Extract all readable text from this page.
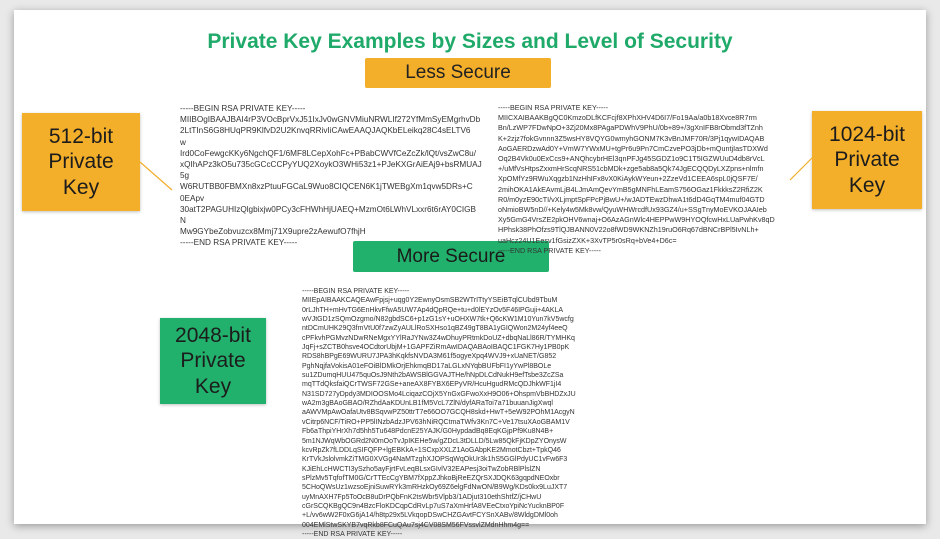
Private Key Examples by Sizes and Level of Security
Less Secure
More Secure
512-bit
Private
Key
1024-bit
Private
Key
2048-bit
Private
Key
-----BEGIN RSA PRIVATE KEY-----
MIIBOgIBAAJBAI4rP3VOcBprVxJ51IxJv0wGNVMiuNRWLIf272YfMmSyEMgrhvDb
2LtTInS6G8HUqPR9KlfvD2U2KnvqRRivIiCAwEAAQJAQKbELeikq28C4sELTV6
w
Ird0CoFewgcKKy6NgchQF1/6MF8LCepXohFc+PBabCWVfCeZcZk/lQt/vsZwC8u/
xQIhAPz3kO5u735cGCcCCPyYUQ2XoykO3WHi53z1+PJeKXGrAiEAj9+bsRMUAJ
5g
W6RUTBB0FBMXn8xzPtuuFGCaL9Wuo8CIQCEN6K1jTWEBgXm1qvw5DRs+C
0EApv
30atT2PAGUHIzQlgbixjw0PCy3cFHWhHjUAEQ+MzmOt6LWhVLxxr6t6rAY0CIGB
N
Mw9GYbeZobvuzcx8Mmj71X9upre2zAewufO7fhjH
-----END RSA PRIVATE KEY-----
-----BEGIN RSA PRIVATE KEY-----
MIICXAIBAAKBgQC0KmzoDLfKCFcjf8XPhXHV4D6I7/Fo19Aa/a0b18Xvce8R7rm
Bn/LzWP7FDwNpO+3Zj20Mx8PAgaPDWhV9PhU/0b+89+/3gXnIFB8rObmd3fTZnh
K+2zjz7fokGvnnn3Z5wsHY8VQYG0wmyhGONM7K3vBnJMF70R/3Pj1qywIDAQAB
AoGAERDzwAd0Y+VmW7YWxMU+tgPr6u9Pn7CmCzvePO3jDb+mQuntjIasTDXWd
Oq2B4Vk0u0ExCcs9+ANQhcybrHEl3qnPFJg45SGDZ1o9C1T5IGZWUuD4db8rVcL
+/uMfVsHtpsZxxmHrScqNRS51cbMDk+zge5ab8a5Qk74JgECQQDyLXZpns+nlmfn
XpOMfYz9RWuXqgzb1NzHhIFx8vX0KiAykWYeun+2ZzeVd1CEEA6spL0jQSF7E/
2mihOKA1AkEAvmLjB4LJmAmQevYmB5gMNFhLEamS756OGaz1FkkksZ2RfiZ2K
R0/m0yzE90cTI/vXLjmptSpFPcPjBwU+/wJADTEwzDhwA1t6dD4GqTM4muf04GTD
oNmioBW5nD//+Kely4w5Mk8vw/QyuWHWrcdfUx93GZ4/u+SSgTnyMoEVKOJAAIeb
Xy5GmG4VrsZE2pkOHV6wnaj+O6AzAGnWlc4HEPPwW9HYOQfcwHxLUaPwhKv8qD
HPhsk38PhOfzs9TlQJBANN0V22o8fWD9WKNZh19ruO6Rq67dBNCrBPl5IvNLh+
uaHcz24U1Eesv1fGsizZXK+3XvTP5r0sRq+bVe4+D6c=
-----END RSA PRIVATE KEY-----
-----BEGIN RSA PRIVATE KEY-----
MIIEpAIBAAKCAQEAwFpjsj+uqg0Y2EwnyOsmSB2WTrITtyYSEiBTqlCUbd9TbuM
0rLJhTH+mHvTG6EnHkvFfwA5UW7Ap4dQpRQe+tu+d0lEYzOv5F46IPGuji+4AKLA
wVJtGD1zSQmOzgmo/N82gbdSC6+p1zG1sY+uOHXW7tk+Q6cKW1M10Yun7kV5wcfg
ntDCmUHK29Q3fmVtU0f7zwZyAULlRoSXHso1qBZ49gT8BA1yGIQWon2M24yf4eeQ
cPFkvhPGMvzNDwRNeMgxYYlRaJYNw3Z4wDhuyPRtmkDoUZ+dbqNaLl86R/TYMHKq
JqFj+sZCTB0hsve4OCdtorUbjM+1GAPFZiRmAwIDAQABAoIBAQC1FGK7Hy1PB0pK
RDS8hBPgE69WURU7JPA3hKqkfsNVDA3M61f5ogyeXpq4WVJ9+xUaNET/G852
PghNqjfaVokisA01eFOiBlDMkOrjEhkmqBD17aLGLxNYqbBUFbFI1yYwPl8BOLe
su1ZDumqHUU475quOsJ9Nth2bAWSBlGGVAJTHe/hNpDLCdNukH9efTsbe3ZcZSa
mqTTdQksfaiQCrTWSF72GSe+aneAX8FYBX6EPyVR/HcuHgudRMcQDJhkWF1jI4
N31SD727yDpdy3MDIOOSMo4LciqazCOjX5YnGxGFwoXxH9O06+OhspmVbBHDZxJU
wA2m3gBAoGBAO/RZhdAaKDUnLB1fM5VcL7ZlN/dyfARaToi7a71buuanJigXwql
aAWVMpAwOafaUtv8BSqvwPZ50ttrT7e66OO7GCQH8skd+HwT+5eW92POhM1AcgyN
vCitrp6NCF/TiRO+PP5lINzbAdzJPV63hNiRQCtmaTWfv3Kn7C+Ve17tsuXAoGBAM1V
Fb6aThpiYHrXh7d5hh5Tu648PdcnE25YAJK/G0HypdadBq8EqKGjpPf9Ku8N4B+
5m1NJWqWbOGRd2N0mOoTvJpIKEHe5w/gZDcL3tDLLD/5Lw85QkFjKDpZYOnysW
kcvRpZk7fLDDLqSIFQFP+lgEBKkA+1SCxpXXLZ1AoGAbpKE2MmotCbzt+TpkQ46
KrTVkJslolvmkZiTMG0XVGg4NaMTzghXJOPSqWqOkUr3k1hS5GGlPdyUC1vFw6F3
KJiEhLcHWCTI3ySzho5ayFjrtFvLeqBLsxGIvlV32EAPesj3oiTwZobRBlPlslZN
sPlzMv5TqfofTM0G/CrTTEcCgYBM7fXppZJhkoBjReEZQrSXJDQK63gqpdNEOxbr
5CHoQWsUz1wzsoEjniSuwRYk3mRHzkOy69Z6elgFdNwON/B9Wg/KDs0kx9LuJXT7
uyMnAXH7Fp5ToOcB8uDrPQbFnK2tsWbr5Vlpb3/1ADjut310ethShtfZ/jCHwU
cGrSCQKBgQC9n4BzcFloKDCqpCdRvLp7uS7aXmHrfA8VEeCtxoYpiNcYucknBP0F
+L/vv6wW2F0xG6jA14/h8tp29x5LVkqopDSwCHZGAvtFCYSnXABv/8WldgDMl0oh
004EMlStwSKYB7vqRkb8FCuQAu7sj4CV08SM56FVssvlZMdnHhm4g==
-----END RSA PRIVATE KEY-----
